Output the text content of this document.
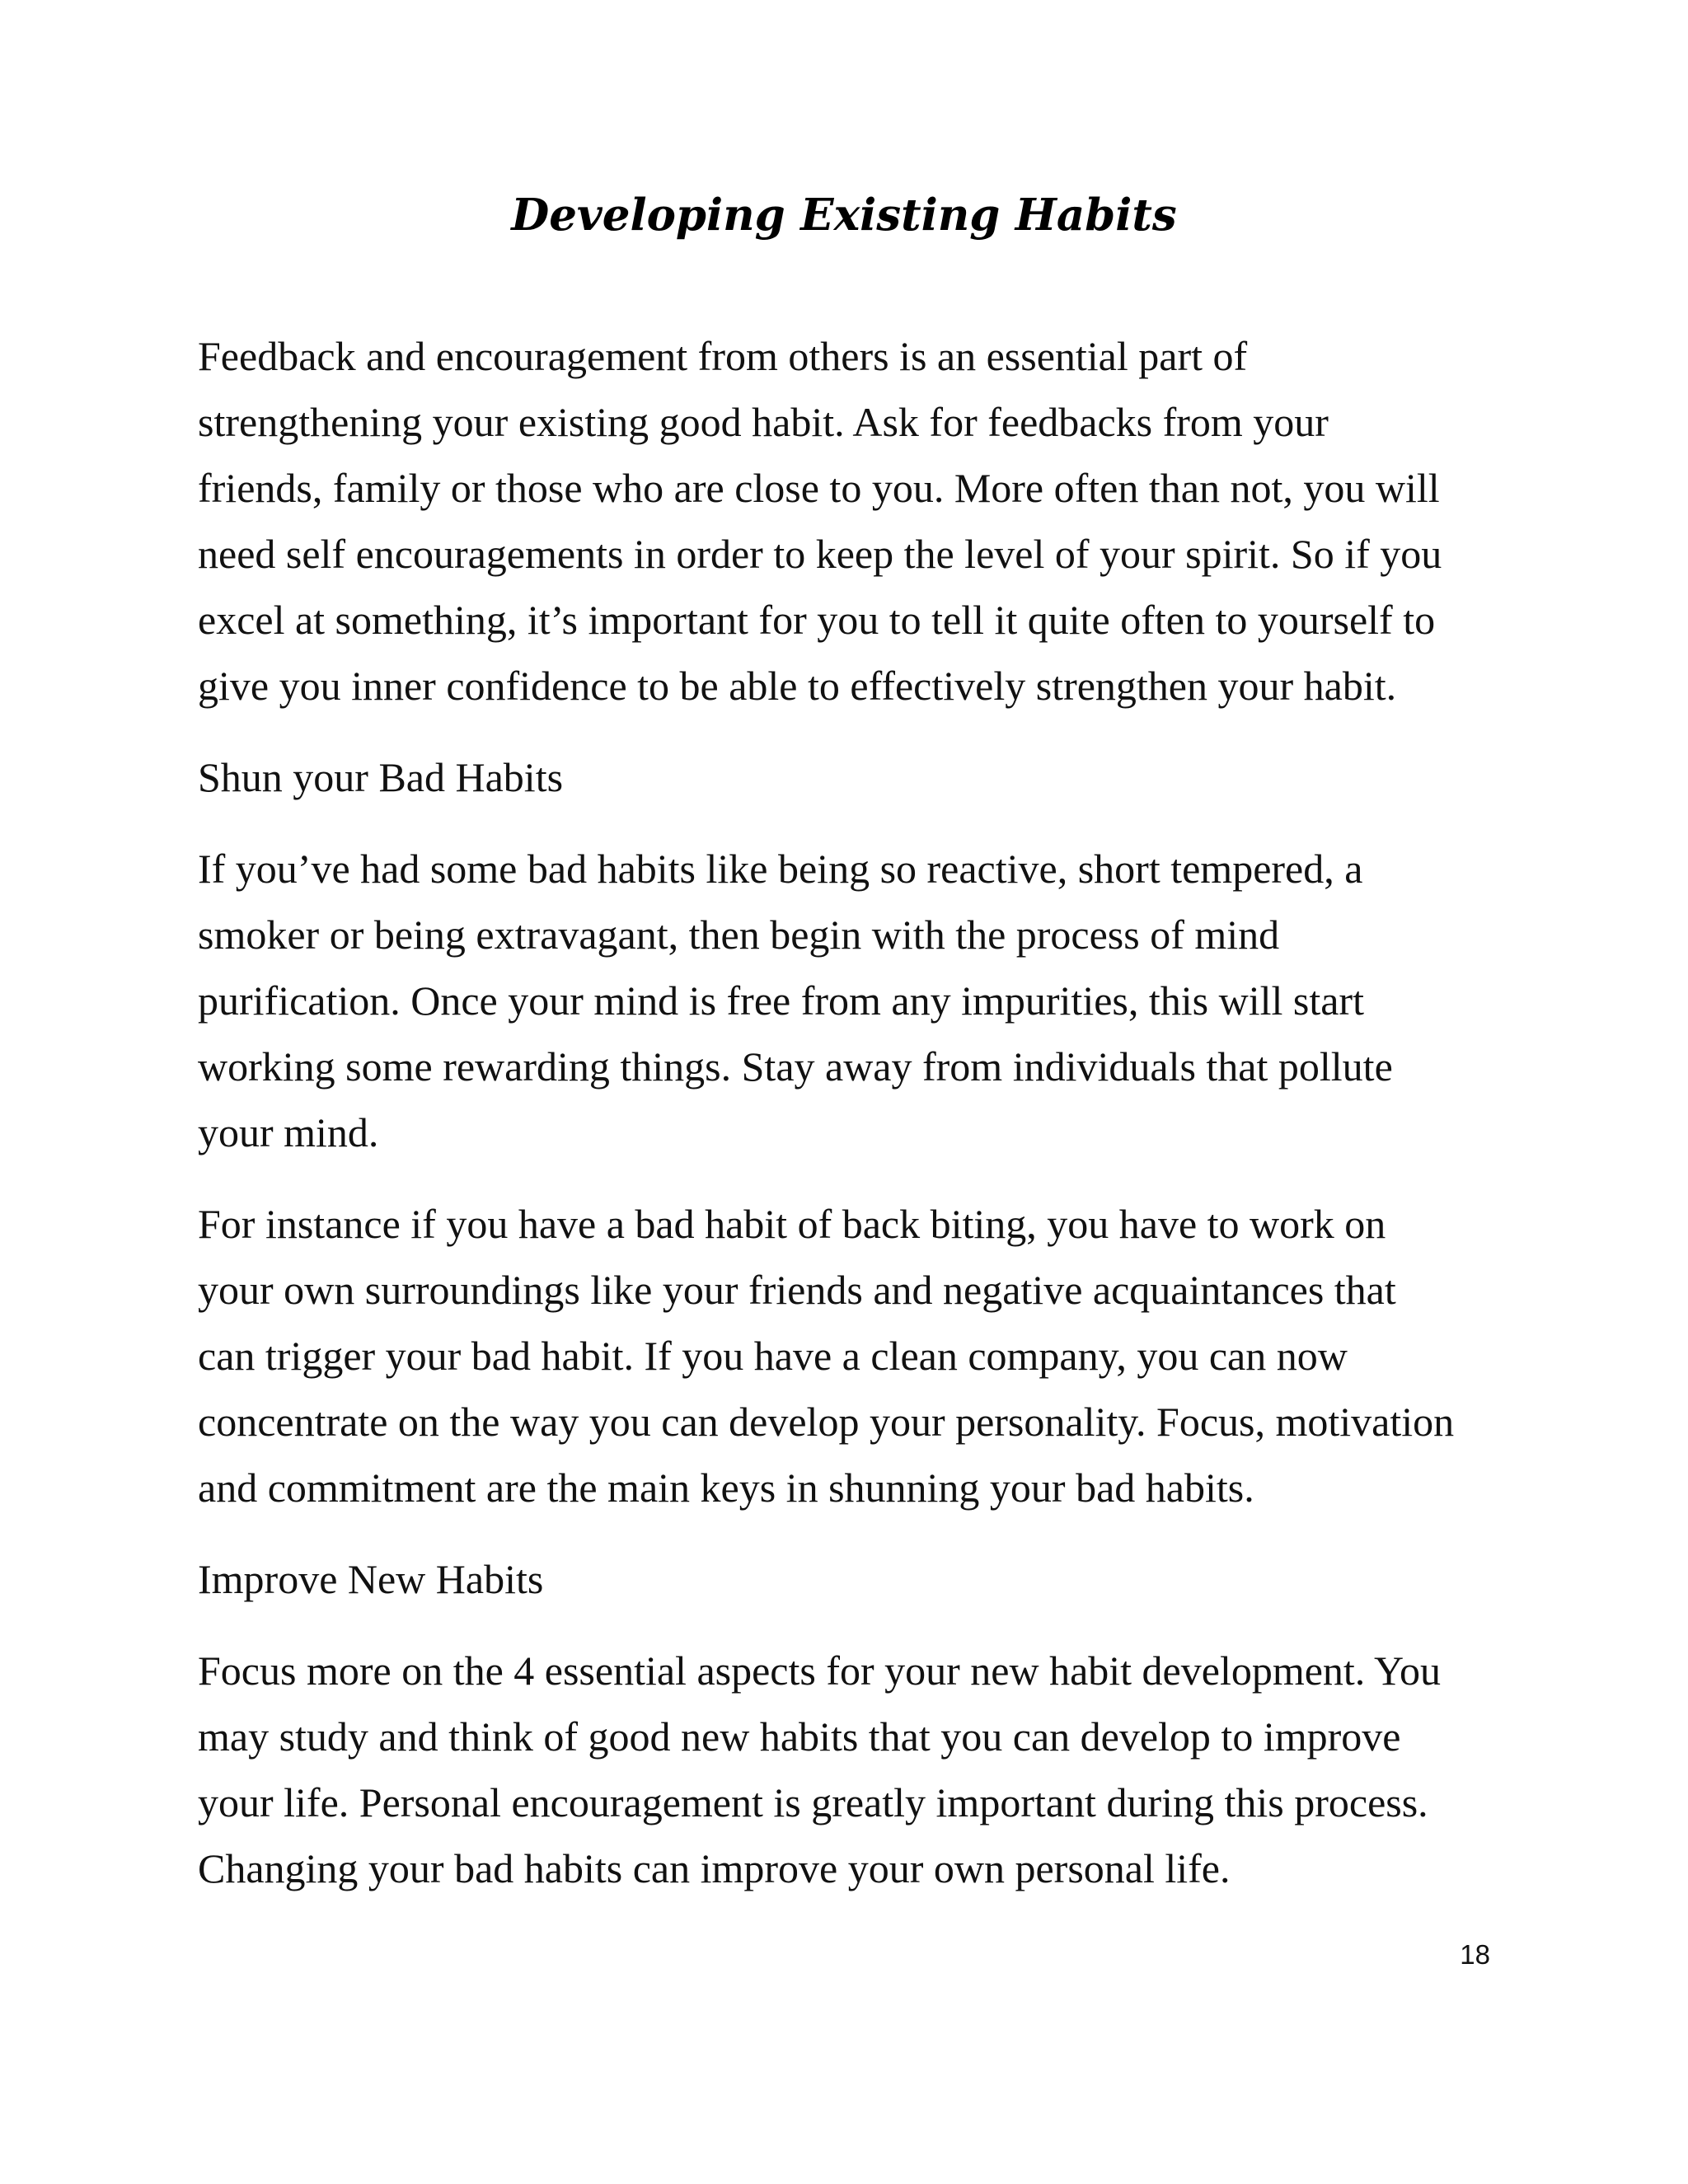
Developing Existing Habits

Feedback and encouragement from others is an essential part of
strengthening your existing good habit. Ask for feedbacks from your
friends, family or those who are close to you. More often than not, you will
need self encouragements in order to keep the level of your spirit. So if you
excel at something, it’s important for you to tell it quite often to yourself to
give you inner confidence to be able to effectively strengthen your habit.

Shun your Bad Habits

If you’ve had some bad habits like being so reactive, short tempered, a
smoker or being extravagant, then begin with the process of mind
purification. Once your mind is free from any impurities, this will start
working some rewarding things. Stay away from individuals that pollute
your mind.

For instance if you have a bad habit of back biting, you have to work on
your own surroundings like your friends and negative acquaintances that
can trigger your bad habit. If you have a clean company, you can now
concentrate on the way you can develop your personality. Focus, motivation
and commitment are the main keys in shunning your bad habits.

Improve New Habits

Focus more on the 4 essential aspects for your new habit development. You
may study and think of good new habits that you can develop to improve
your life. Personal encouragement is greatly important during this process.
Changing your bad habits can improve your own personal life.

18
